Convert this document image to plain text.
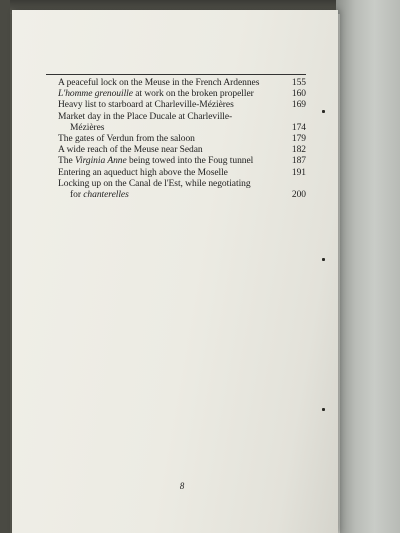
A peaceful lock on the Meuse in the French Ardennes	155
L'homme grenouille at work on the broken propeller	160
Heavy list to starboard at Charleville-Mézières	169
Market day in the Place Ducale at Charleville-
Mézières	174
The gates of Verdun from the saloon	179
A wide reach of the Meuse near Sedan	182
The Virginia Anne being towed into the Foug tunnel	187
Entering an aqueduct high above the Moselle	191
Locking up on the Canal de l'Est, while negotiating
for chanterelles	200
8
